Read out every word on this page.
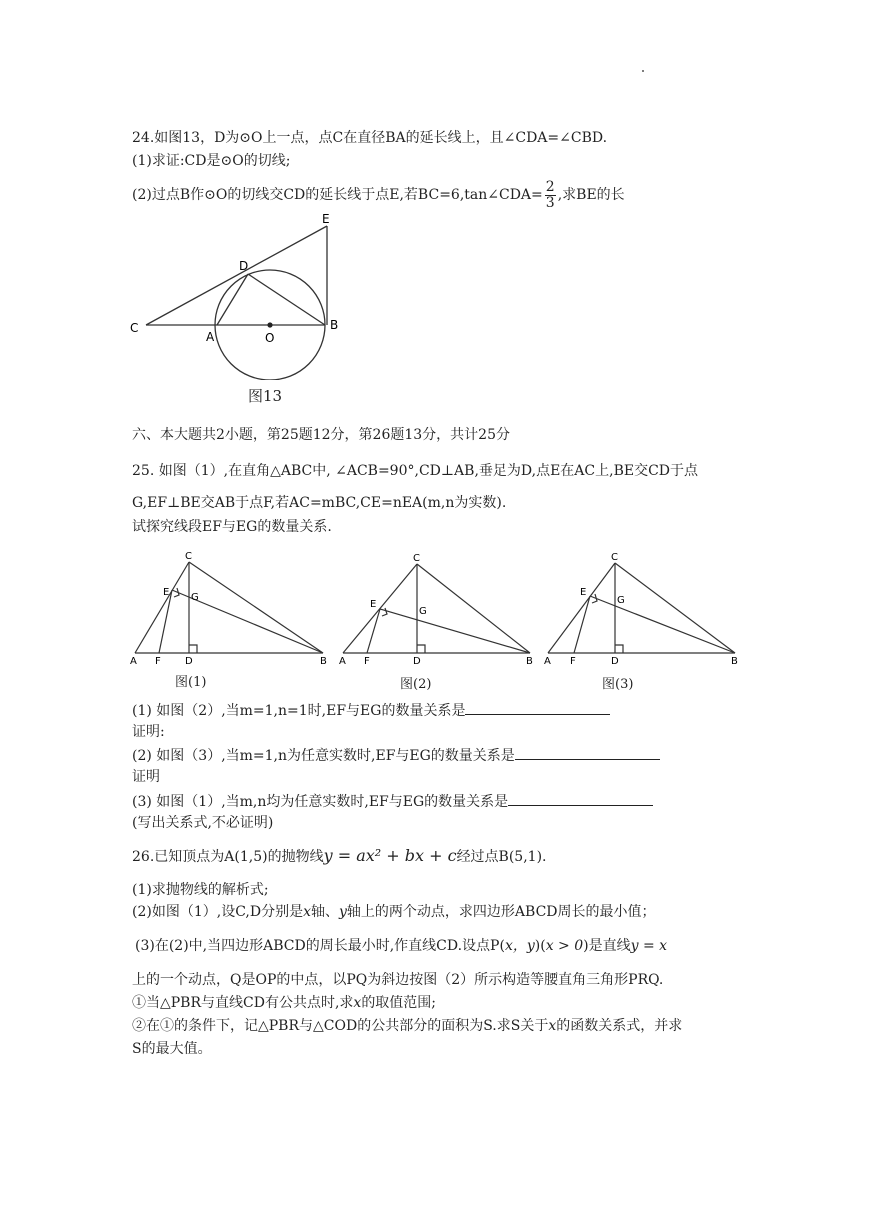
24.如图13，D为⊙O上一点，点C在直径BA的延长线上，且∠CDA=∠CBD.
(1)求证:CD是⊙O的切线;
(2)过点B作⊙O的切线交CD的延长线于点E,若BC=6,tan∠CDA= $\frac{2}{3}$ ,求BE的长
C
A	O
B
D
E
图13
六、本大题共2小题，第25题12分，第26题13分，共计25分
25. 如图（1）,在直角△ABC中, ∠ACB=90°,CD⊥AB,垂足为D,点E在AC上,BE交CD于点
G,EF⊥BE交AB于点F,若AC=mBC,CE=nEA(m,n为实数).
试探究线段EF与EG的数量关系.
A F D	B
C
E G
A F	D	B
C
E
G
A F	D	B
C
E
G
图(1)	图(2)	图(3)
(1) 如图（2）,当m=1,n=1时,EF与EG的数量关系是
证明:
(2) 如图（3）,当m=1,n为任意实数时,EF与EG的数量关系是
证明
(3) 如图（1）,当m,n均为任意实数时,EF与EG的数量关系是
(写出关系式,不必证明)
26.已知顶点为A(1,5)的抛物线y = ax² + bx + c经过点B(5,1).
(1)求抛物线的解析式;
(2)如图（1）,设C,D分别是x轴、y轴上的两个动点，求四边形ABCD周长的最小值；
(3)在(2)中,当四边形ABCD的周长最小时,作直线CD.设点P(x，y)(x > 0)是直线y = x
上的一个动点，Q是OP的中点，以PQ为斜边按图（2）所示构造等腰直角三角形PRQ.
①当△PBR与直线CD有公共点时,求x的取值范围;
②在①的条件下，记△PBR与△COD的公共部分的面积为S.求S关于x的函数关系式，并求
S的最大值。
